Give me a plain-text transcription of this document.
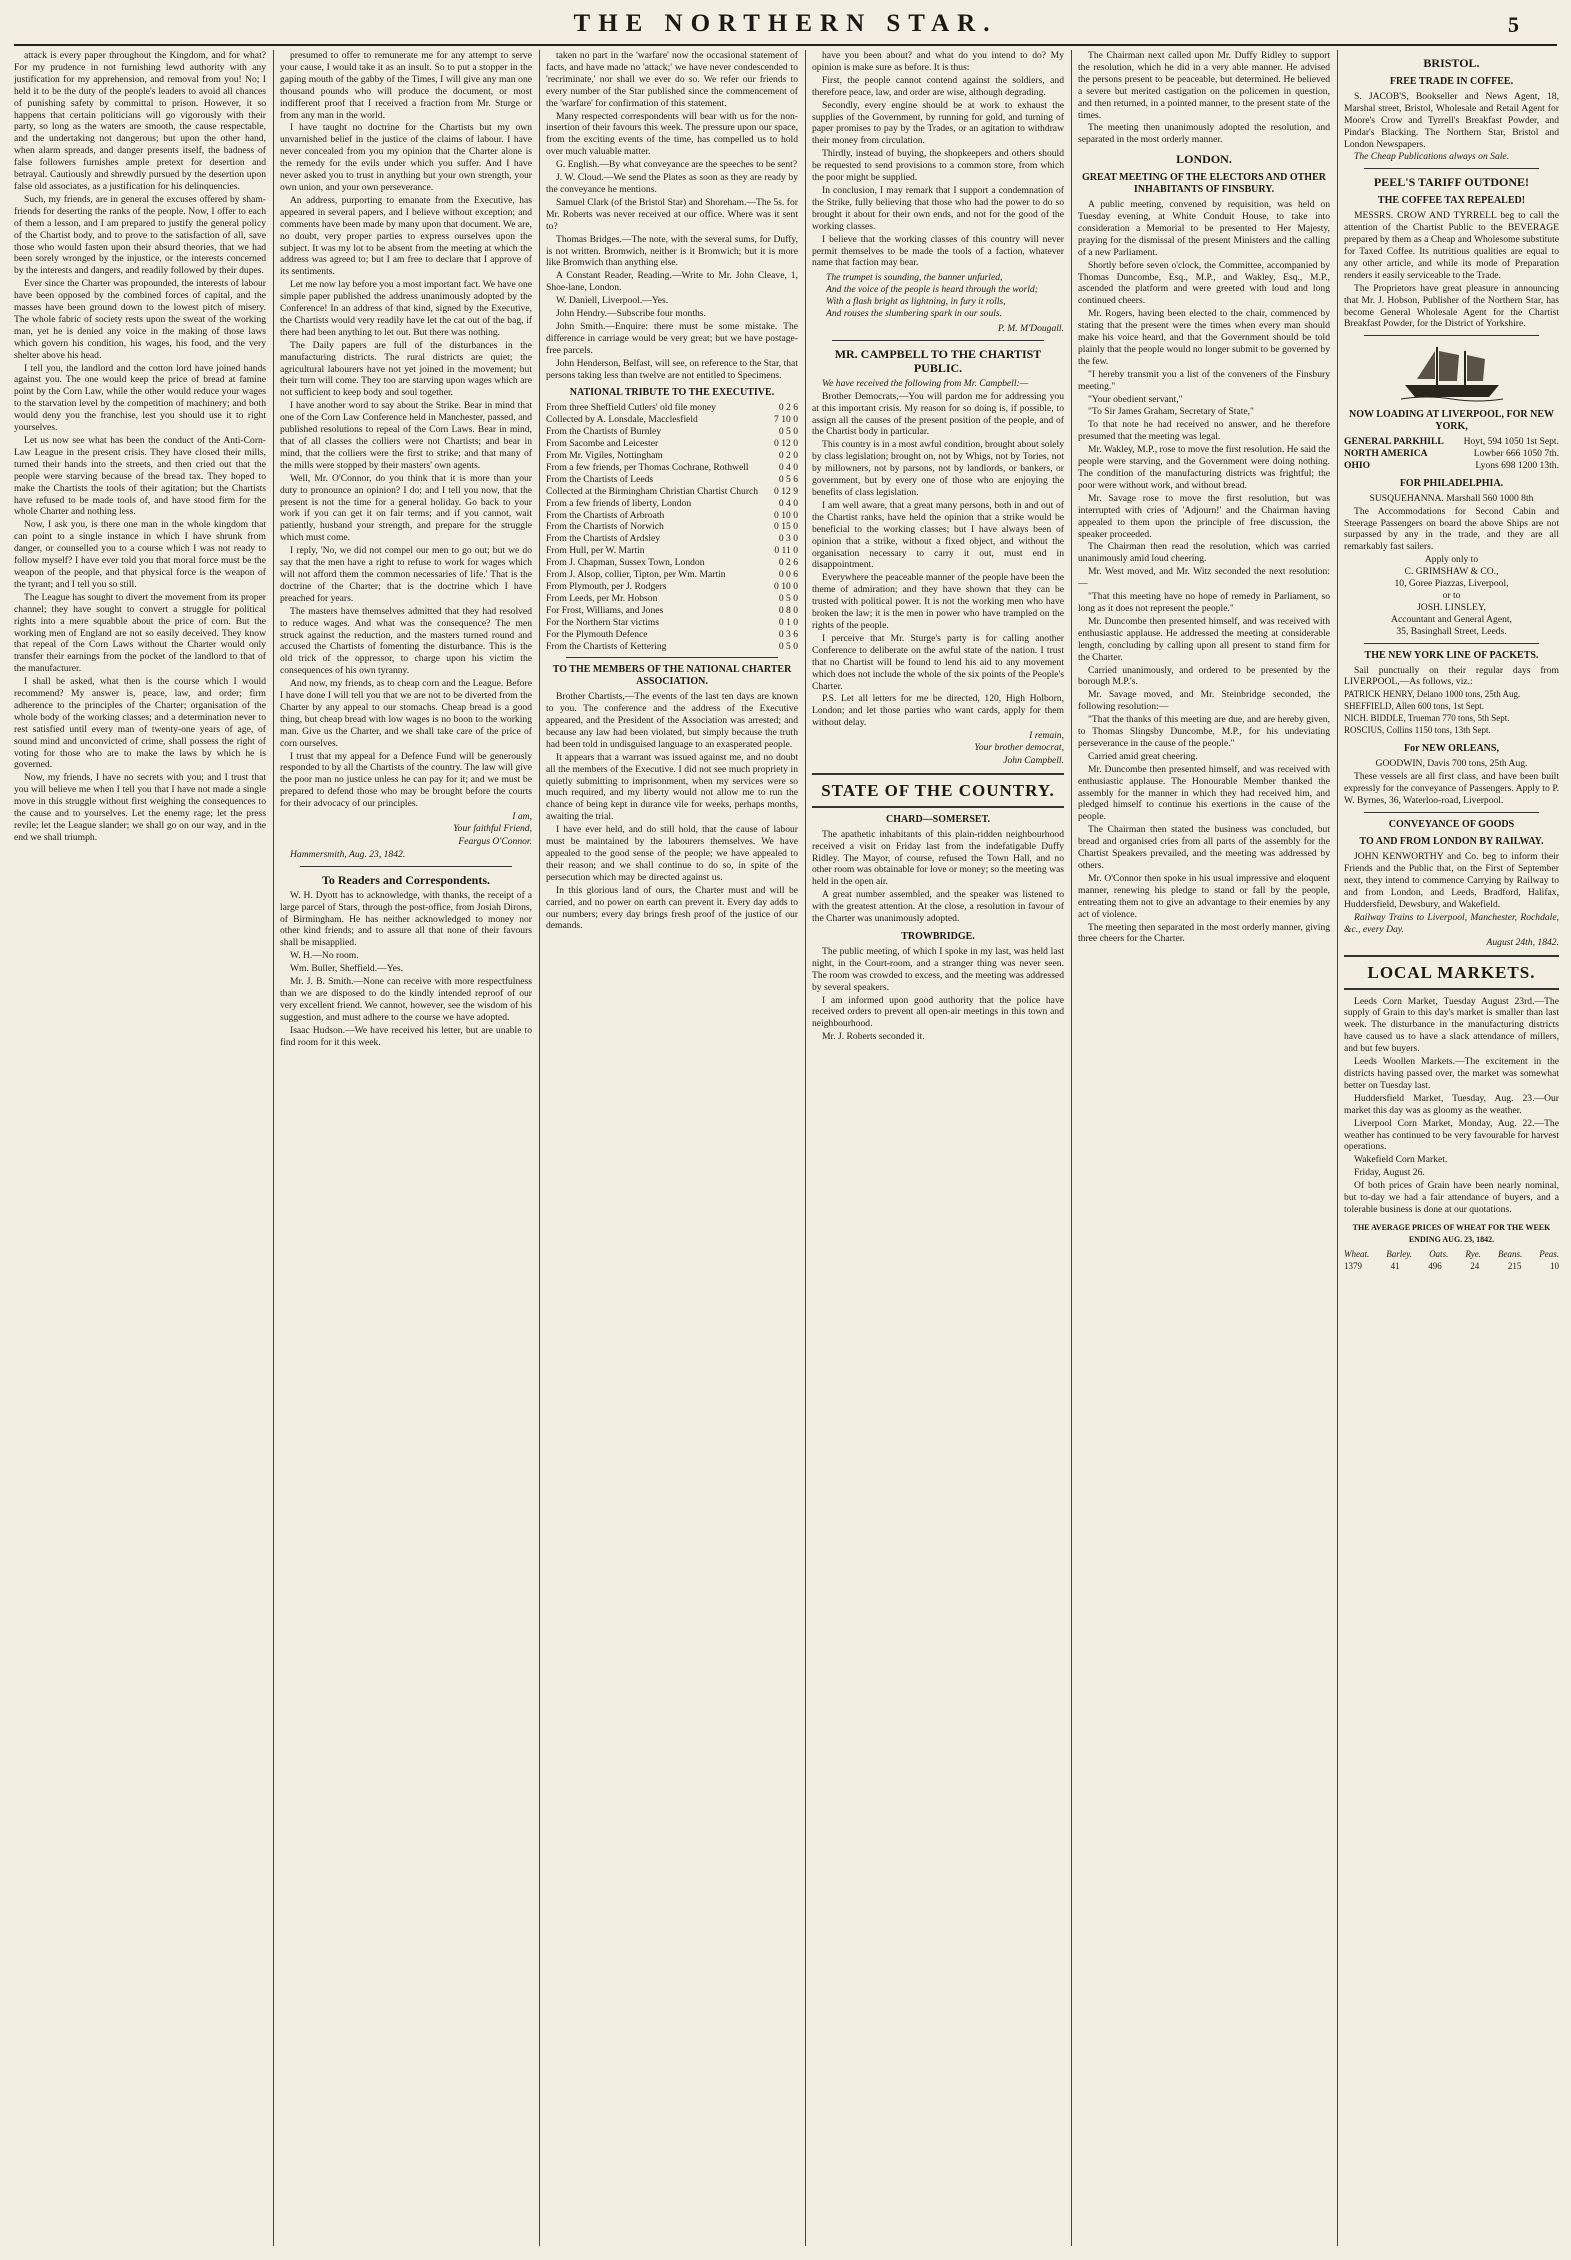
THE NORTHERN STAR.	5

attack is every paper throughout the Kingdom, and for what? For my prudence in not furnishing lewd authority with any justification for my apprehension, and removal from you! No; I held it to be the duty of the people's leaders to avoid all chances of punishing safety by committal to prison. However, it so happens that certain politicians will go vigorously with their party, so long as the waters are smooth, the cause respectable, and the undertaking not dangerous; but upon the other hand, when alarm spreads, and danger presents itself, the badness of false followers furnishes ample pretext for desertion and betrayal. Cautiously and shrewdly pursued by the desertion upon false old associates, as a justification for his delinquencies.

Such, my friends, are in general the excuses offered by sham-friends for deserting the ranks of the people. Now, I offer to each of them a lesson, and I am prepared to justify the general policy of the Chartist body, and to prove to the satisfaction of all, save those who would fasten upon their absurd theories, that we had been sorely wronged by the injustice, or the interests concerned by the interests and dangers, and readily followed by their dupes.

Ever since the Charter was propounded, the interests of labour have been opposed by the combined forces of capital, and the masses have been ground down to the lowest pitch of misery. The whole fabric of society rests upon the sweat of the working man, yet he is denied any voice in the making of those laws which govern his condition, his wages, his food, and the very shelter above his head.

I tell you, the landlord and the cotton lord have joined hands against you. The one would keep the price of bread at famine point by the Corn Law, while the other would reduce your wages to the starvation level by the competition of machinery; and both would deny you the franchise, lest you should use it to right yourselves.

Let us now see what has been the conduct of the Anti-Corn-Law League in the present crisis. They have closed their mills, turned their hands into the streets, and then cried out that the people were starving because of the bread tax. They hoped to make the Chartists the tools of their agitation; but the Chartists have refused to be made tools of, and have stood firm for the whole Charter and nothing less.

Now, I ask you, is there one man in the whole kingdom that can point to a single instance in which I have shrunk from danger, or counselled you to a course which I was not ready to follow myself? I have ever told you that moral force must be the weapon of the people, and that physical force is the weapon of the tyrant; and I tell you so still.

The League has sought to divert the movement from its proper channel; they have sought to convert a struggle for political rights into a mere squabble about the price of corn. But the working men of England are not so easily deceived. They know that repeal of the Corn Laws without the Charter would only transfer their earnings from the pocket of the landlord to that of the manufacturer.

I shall be asked, what then is the course which I would recommend? My answer is, peace, law, and order; firm adherence to the principles of the Charter; organisation of the whole body of the working classes; and a determination never to rest satisfied until every man of twenty-one years of age, of sound mind and unconvicted of crime, shall possess the right of voting for those who are to make the laws by which he is governed.

Now, my friends, I have no secrets with you; and I trust that you will believe me when I tell you that I have not made a single move in this struggle without first weighing the consequences to the cause and to yourselves. Let the enemy rage; let the press revile; let the League slander; we shall go on our way, and in the end we shall triumph.

presumed to offer to remunerate me for any attempt to serve your cause, I would take it as an insult. So to put a stopper in the gaping mouth of the gabby of the Times, I will give any man one thousand pounds who will produce the document, or most indifferent proof that I received a fraction from Mr. Sturge or from any man in the world.

I have taught no doctrine for the Chartists but my own unvarnished belief in the justice of the claims of labour. I have never concealed from you my opinion that the Charter alone is the remedy for the evils under which you suffer. And I have never asked you to trust in anything but your own strength, your own union, and your own perseverance.

An address, purporting to emanate from the Executive, has appeared in several papers, and I believe without exception; and comments have been made by many upon that document. We are, no doubt, very proper parties to express ourselves upon the subject. It was my lot to be absent from the meeting at which the address was agreed to; but I am free to declare that I approve of its sentiments.

Let me now lay before you a most important fact. We have one simple paper published the address unanimously adopted by the Conference! In an address of that kind, signed by the Executive, the Chartists would very readily have let the cat out of the bag, if there had been anything to let out. But there was nothing.

The Daily papers are full of the disturbances in the manufacturing districts. The rural districts are quiet; the agricultural labourers have not yet joined in the movement; but their turn will come. They too are starving upon wages which are not sufficient to keep body and soul together.

I have another word to say about the Strike. Bear in mind that one of the Corn Law Conference held in Manchester, passed, and published resolutions to repeal of the Corn Laws. Bear in mind, that of all classes the colliers were not Chartists; and bear in mind, that the colliers were the first to strike; and that many of the mills were stopped by their masters' own agents.

Well, Mr. O'Connor, do you think that it is more than your duty to pronounce an opinion? I do; and I tell you now, that the present is not the time for a general holiday. Go back to your work if you can get it on fair terms; and if you cannot, wait patiently, husband your strength, and prepare for the struggle which must come.

I reply, 'No, we did not compel our men to go out; but we do say that the men have a right to refuse to work for wages which will not afford them the common necessaries of life.' That is the doctrine of the Charter; that is the doctrine which I have preached for years.

The masters have themselves admitted that they had resolved to reduce wages. And what was the consequence? The men struck against the reduction, and the masters turned round and accused the Chartists of fomenting the disturbance. This is the old trick of the oppressor, to charge upon his victim the consequences of his own tyranny.

And now, my friends, as to cheap corn and the League. Before I have done I will tell you that we are not to be diverted from the Charter by any appeal to our stomachs. Cheap bread is a good thing, but cheap bread with low wages is no boon to the working man. Give us the Charter, and we shall take care of the price of corn ourselves.

I trust that my appeal for a Defence Fund will be generously responded to by all the Chartists of the country. The law will give the poor man no justice unless he can pay for it; and we must be prepared to defend those who may be brought before the courts for their advocacy of our principles.

I am,
Your faithful Friend,

Feargus O'Connor.

Hammersmith, Aug. 23, 1842.

To Readers and Correspondents.

W. H. Dyott has to acknowledge, with thanks, the receipt of a large parcel of Stars, through the post-office, from Josiah Dirons, of Birmingham. He has neither acknowledged to money nor other kind friends; and to assure all that none of their favours shall be misapplied.

W. H.—No room.

Wm. Buller, Sheffield.—Yes.

Mr. J. B. Smith.—None can receive with more respectfulness than we are disposed to do the kindly intended reproof of our very excellent friend. We cannot, however, see the wisdom of his suggestion, and must adhere to the course we have adopted.

Isaac Hudson.—We have received his letter, but are unable to find room for it this week.

taken no part in the 'warfare' now the occasional statement of facts, and have made no 'attack;' we have never condescended to 'recriminate,' nor shall we ever do so. We refer our friends to every number of the Star published since the commencement of the 'warfare' for confirmation of this statement.

Many respected correspondents will bear with us for the non-insertion of their favours this week. The pressure upon our space, from the exciting events of the time, has compelled us to hold over much valuable matter.

G. English.—By what conveyance are the speeches to be sent?

J. W. Cloud.—We send the Plates as soon as they are ready by the conveyance he mentions.

Samuel Clark (of the Bristol Star) and Shoreham.—The 5s. for Mr. Roberts was never received at our office. Where was it sent to?

Thomas Bridges.—The note, with the several sums, for Duffy, is not written. Bromwich, neither is it Bromwich; but it is more like Bromwich than anything else.

A Constant Reader, Reading.—Write to Mr. John Cleave, 1, Shoe-lane, London.

W. Daniell, Liverpool.—Yes.

John Hendry.—Subscribe four months.

John Smith.—Enquire: there must be some mistake. The difference in carriage would be very great; but we have postage-free parcels.

John Henderson, Belfast, will see, on reference to the Star, that persons taking less than twelve are not entitled to Specimens.

NATIONAL TRIBUTE TO THE EXECUTIVE.
From three Sheffield Cutlers' old file money	0 2 6
Collected by A. Lonsdale, Macclesfield	7 10 0
From the Chartists of Burnley	0 5 0
From Sacombe and Leicester	0 12 0
From Mr. Vigiles, Nottingham	0 2 0
From a few friends, per Thomas Cochrane, Rothwell	0 4 0
From the Chartists of Leeds	0 5 6
Collected at the Birmingham Christian Chartist Church 0 12 9
From a few friends of liberty, London	0 4 0
From the Chartists of Arbroath	0 10 0
From the Chartists of Norwich	0 15 0
From the Chartists of Ardsley	0 3 0
From Hull, per W. Martin	0 11 0
From J. Chapman, Sussex Town, London	0 2 6
From J. Alsop, collier, Tipton, per Wm. Martin	0 0 6
From Plymouth, per J. Rodgers	0 10 0
From Leeds, per Mr. Hobson	0 5 0
For Frost, Williams, and Jones	0 8 0
For the Northern Star victims	0 1 0
For the Plymouth Defence	0 3 6
From the Chartists of Kettering	0 5 0
TO THE MEMBERS OF THE NATIONAL CHARTER ASSOCIATION.

Brother Chartists,—The events of the last ten days are known to you. The conference and the address of the Executive appeared, and the President of the Association was arrested; and because any law had been violated, but simply because the truth had been told in undisguised language to an exasperated people.

It appears that a warrant was issued against me, and no doubt all the members of the Executive. I did not see much propriety in quietly submitting to imprisonment, when my services were so much required, and my liberty would not allow me to run the chance of being kept in durance vile for weeks, perhaps months, awaiting the trial.

I have ever held, and do still hold, that the cause of labour must be maintained by the labourers themselves. We have appealed to the good sense of the people; we have appealed to their reason; and we shall continue to do so, in spite of the persecution which may be directed against us.

In this glorious land of ours, the Charter must and will be carried, and no power on earth can prevent it. Every day adds to our numbers; every day brings fresh proof of the justice of our demands.

have you been about? and what do you intend to do? My opinion is make sure as before. It is thus:

First, the people cannot contend against the soldiers, and therefore peace, law, and order are wise, although degrading.

Secondly, every engine should be at work to exhaust the supplies of the Government, by running for gold, and turning of paper promises to pay by the Trades, or an agitation to withdraw their money from circulation.

Thirdly, instead of buying, the shopkeepers and others should be requested to send provisions to a common store, from which the poor might be supplied.

In conclusion, I may remark that I support a condemnation of the Strike, fully believing that those who had the power to do so brought it about for their own ends, and not for the good of the working classes.

I believe that the working classes of this country will never permit themselves to be made the tools of a faction, whatever name that faction may bear.

The trumpet is sounding, the banner unfurled,
And the voice of the people is heard through the world;
With a flash bright as lightning, in fury it rolls,
And rouses the slumbering spark in our souls.

P. M. M'Dougall.

MR. CAMPBELL TO THE CHARTIST PUBLIC.

We have received the following from Mr. Campbell:—

Brother Democrats,—You will pardon me for addressing you at this important crisis. My reason for so doing is, if possible, to assign all the causes of the present position of the people, and of the Chartist body in particular.

This country is in a most awful condition, brought about solely by class legislation; brought on, not by Whigs, not by Tories, not by millowners, not by parsons, not by landlords, or bankers, or government, but by every one of those who are enjoying the benefits of class legislation.

I am well aware, that a great many persons, both in and out of the Chartist ranks, have held the opinion that a strike would be beneficial to the working classes; but I have always been of opinion that a strike, without a fixed object, and without the organisation necessary to carry it out, must end in disappointment.

Everywhere the peaceable manner of the people have been the theme of admiration; and they have shown that they can be trusted with political power. It is not the working men who have broken the law; it is the men in power who have trampled on the rights of the people.

I perceive that Mr. Sturge's party is for calling another Conference to deliberate on the awful state of the nation. I trust that no Chartist will be found to lend his aid to any movement which does not include the whole of the six points of the People's Charter.

P.S. Let all letters for me be directed, 120, High Holborn, London; and let those parties who want cards, apply for them without delay.

I remain,
Your brother democrat,

John Campbell.

STATE OF THE COUNTRY.
CHARD—SOMERSET.

The apathetic inhabitants of this plain-ridden neighbourhood received a visit on Friday last from the indefatigable Duffy Ridley. The Mayor, of course, refused the Town Hall, and no other room was obtainable for love or money; so the meeting was held in the open air.

A great number assembled, and the speaker was listened to with the greatest attention. At the close, a resolution in favour of the Charter was unanimously adopted.

TROWBRIDGE.

The public meeting, of which I spoke in my last, was held last night, in the Court-room, and a stranger thing was never seen. The room was crowded to excess, and the meeting was addressed by several speakers.

I am informed upon good authority that the police have received orders to prevent all open-air meetings in this town and neighbourhood.

Mr. J. Roberts seconded it.

The Chairman next called upon Mr. Duffy Ridley to support the resolution, which he did in a very able manner. He advised the persons present to be peaceable, but determined. He believed a severe but merited castigation on the policemen in question, and then returned, in a pointed manner, to the present state of the times.

The meeting then unanimously adopted the resolution, and separated in the most orderly manner.

LONDON.
GREAT MEETING OF THE ELECTORS AND OTHER INHABITANTS OF FINSBURY.

A public meeting, convened by requisition, was held on Tuesday evening, at White Conduit House, to take into consideration a Memorial to be presented to Her Majesty, praying for the dismissal of the present Ministers and the calling of a new Parliament.

Shortly before seven o'clock, the Committee, accompanied by Thomas Duncombe, Esq., M.P., and Wakley, Esq., M.P., ascended the platform and were greeted with loud and long continued cheers.

Mr. Rogers, having been elected to the chair, commenced by stating that the present were the times when every man should make his voice heard, and that the Government should be told plainly that the people would no longer submit to be governed by the few.

"I hereby transmit you a list of the conveners of the Finsbury meeting."

"Your obedient servant,"

"To Sir James Graham, Secretary of State,"

To that note he had received no answer, and he therefore presumed that the meeting was legal.

Mr. Wakley, M.P., rose to move the first resolution. He said the people were starving, and the Government were doing nothing. The condition of the manufacturing districts was frightful; the poor were without work, and without bread.

Mr. Savage rose to move the first resolution, but was interrupted with cries of 'Adjourn!' and the Chairman having appealed to them upon the principle of free discussion, the speaker proceeded.

The Chairman then read the resolution, which was carried unanimously amid loud cheering.

Mr. West moved, and Mr. Witz seconded the next resolution:—

"That this meeting have no hope of remedy in Parliament, so long as it does not represent the people."

Mr. Duncombe then presented himself, and was received with enthusiastic applause. He addressed the meeting at considerable length, concluding by calling upon all present to stand firm for the Charter.

Carried unanimously, and ordered to be presented by the borough M.P.'s.

Mr. Savage moved, and Mr. Steinbridge seconded, the following resolution:—

"That the thanks of this meeting are due, and are hereby given, to Thomas Slingsby Duncombe, M.P., for his undeviating perseverance in the cause of the people."

Carried amid great cheering.

Mr. Duncombe then presented himself, and was received with enthusiastic applause. The Honourable Member thanked the assembly for the manner in which they had received him, and pledged himself to continue his exertions in the cause of the people.

The Chairman then stated the business was concluded, but bread and organised cries from all parts of the assembly for the Chartist Speakers prevailed, and the meeting was addressed by others.

Mr. O'Connor then spoke in his usual impressive and eloquent manner, renewing his pledge to stand or fall by the people, entreating them not to give an advantage to their enemies by any act of violence.

The meeting then separated in the most orderly manner, giving three cheers for the Charter.

BRISTOL.
FREE TRADE IN COFFEE.

S. JACOB'S, Bookseller and News Agent, 18, Marshal street, Bristol, Wholesale and Retail Agent for Moore's Crow and Tyrrell's Breakfast Powder, and Pindar's Blacking. The Northern Star, Bristol and London Newspapers.

The Cheap Publications always on Sale.

PEEL'S TARIFF OUTDONE!
THE COFFEE TAX REPEALED!

MESSRS. CROW AND TYRRELL beg to call the attention of the Chartist Public to the BEVERAGE prepared by them as a Cheap and Wholesome substitute for Taxed Coffee. Its nutritious qualities are equal to any other article, and while its mode of Preparation renders it easily serviceable to the Trade.

The Proprietors have great pleasure in announcing that Mr. J. Hobson, Publisher of the Northern Star, has become General Wholesale Agent for the Chartist Breakfast Powder, for the District of Yorkshire.

NOW LOADING AT LIVERPOOL, FOR NEW YORK,
GENERAL PARKHILL Hoyt, 594 1050 1st Sept.
NORTH AMERICA	Lowber 666 1050 7th.
OHIO	Lyons 698 1200 13th.
FOR PHILADELPHIA.

SUSQUEHANNA. Marshall 560 1000 8th

The Accommodations for Second Cabin and Steerage Passengers on board the above Ships are not surpassed by any in the trade, and they are all remarkably fast sailers.

Apply only to
C. GRIMSHAW & CO.,
10, Goree Piazzas, Liverpool,
or to
JOSH. LINSLEY,
Accountant and General Agent,
35, Basinghall Street, Leeds.

THE NEW YORK LINE OF PACKETS.

Sail punctually on their regular days from LIVERPOOL,—As follows, viz.:

PATRICK HENRY, Delano 1000 tons, 25th Aug.
SHEFFIELD, Allen 600 tons, 1st Sept.
NICH. BIDDLE, Trueman 770 tons, 5th Sept.
ROSCIUS, Collins 1150 tons, 13th Sept.
For NEW ORLEANS,

GOODWIN, Davis 700 tons, 25th Aug.

These vessels are all first class, and have been built expressly for the conveyance of Passengers. Apply to P. W. Byrnes, 36, Waterloo-road, Liverpool.

CONVEYANCE OF GOODS
TO AND FROM LONDON BY RAILWAY.

JOHN KENWORTHY and Co. beg to inform their Friends and the Public that, on the First of September next, they intend to commence Carrying by Railway to and from London, and Leeds, Bradford, Halifax, Huddersfield, Dewsbury, and Wakefield.

Railway Trains to Liverpool, Manchester, Rochdale, &c., every Day.

August 24th, 1842.

LOCAL MARKETS.

Leeds Corn Market, Tuesday August 23rd.—The supply of Grain to this day's market is smaller than last week. The disturbance in the manufacturing districts have caused us to have a slack attendance of millers, and but few buyers.

Leeds Woollen Markets.—The excitement in the districts having passed over, the market was somewhat better on Tuesday last.

Huddersfield Market, Tuesday, Aug. 23.—Our market this day was as gloomy as the weather.

Liverpool Corn Market, Monday, Aug. 22.—The weather has continued to be very favourable for harvest operations.

Wakefield Corn Market.

Friday, August 26.

Of both prices of Grain have been nearly nominal, but to-day we had a fair attendance of buyers, and a tolerable business is done at our quotations.

THE AVERAGE PRICES OF WHEAT FOR THE WEEK ENDING AUG. 23, 1842.
Wheat. Barley. Oats. Rye. Beans. Peas.
1379	41	496	24	215	10
